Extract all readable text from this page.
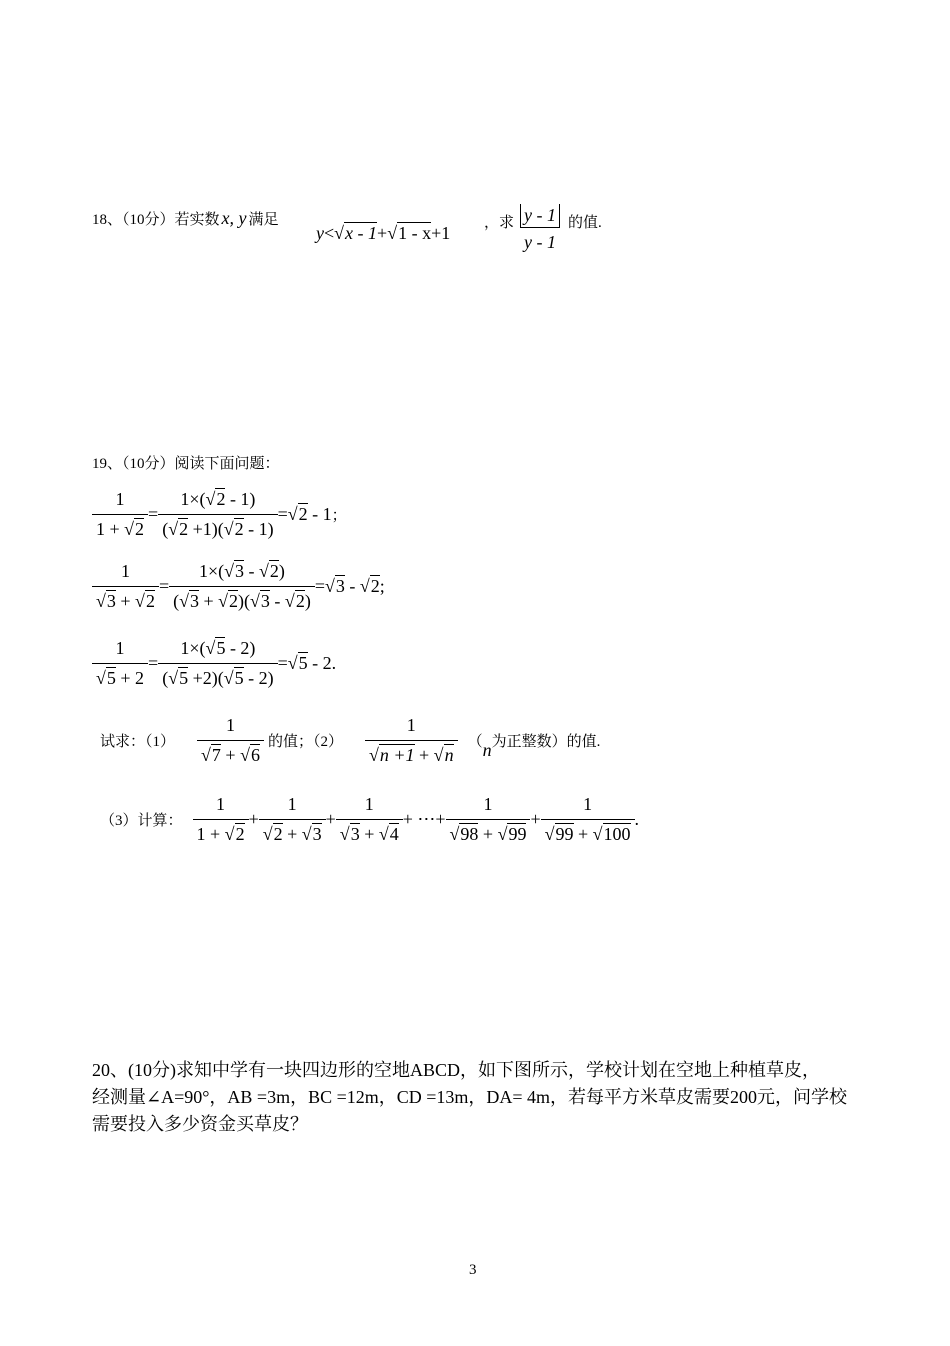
18、（10分）若实数 x, y 满足
y < √ x - 1 + √ 1 - x +1 ， 求 $\frac{y - 1}{y - 1}$ 的值.
19、（10分）阅读下面问题：
$\frac{1}{1 + √2} = \frac{1\times(√2 - 1)}{(√2 +1)(√2 - 1)} = √2 - 1$ ；
$\frac{1}{√3 + √2} = \frac{1\times(√3 - √2)}{(√3 + √2)(√3 - √2)} = √3 - √2$ ;
$\frac{1}{√5 + 2} = \frac{1\times(√5 - 2)}{(√5 +2)(√5 - 2)} = √5 - 2$ .
试求：$(1) \frac{1}{√7 + √6}$ 的值；$(2) \frac{1}{√n +1 + √n}$ （ n 为正整数）的值.
（3）计算： $\frac{1}{1 + √2} + \frac{1}{√2 + √3} + \frac{1}{√3 + √4}$ + ⋯+ $\frac{1}{√98 + √99} + \frac{1}{√99 + √100}$ .
20、(10分)求知中学有一块四边形的空地ABCD，如下图所示，学校计划在空地上种植草皮，
经测量∠A=90°，AB =3m，BC =12m，CD =13m，DA= 4m，若每平方米草皮需要200元，问学校
需要投入多少资金买草皮？
3
